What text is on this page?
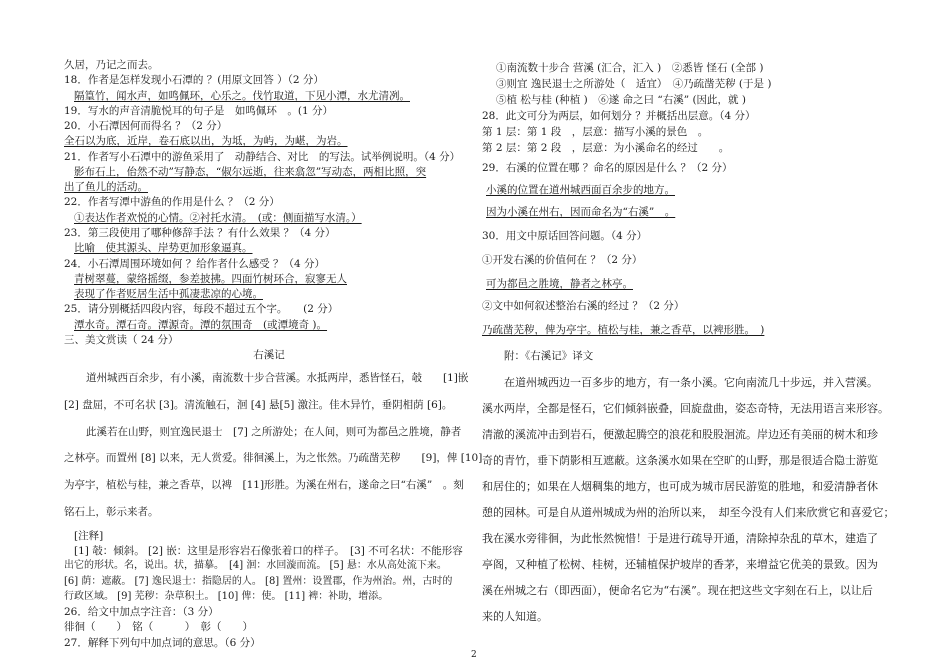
久居，乃记之而去。
18．作者是怎样发现小石潭的 ？(用原文回答 ）（2 分）
隔篁竹，闻水声，如鸣佩环，心乐之。伐竹取道，下见小潭，水尤清冽。
19．写水的声音清脆悦耳的句子是　如鸣佩环　。(1 分）
20．小石潭因何而得名 ？（2 分）
全石以为底，近岸，卷石底以出，为坻，为屿，为嵁，为岩。
21．作者写小石潭中的游鱼采用了　动静结合、对比　的写法。试举例说明。（4 分）
影布石上，佁然不动”写静态，“俶尔远逝，往来翕忽”写动态，两相比照，突
出了鱼儿的活动。
22．作者写潭中游鱼的作用是什么 ？（2 分）
①表达作者欢悦的心情。②衬托水清。　(或：侧面描写水清。）
23．第三段使用了哪种修辞手法 ？有什么效果 ？（4 分）
比喻　使其源头、岸势更加形象逼真。
24．小石潭周围环境如何 ？给作者什么感受 ？（4 分）
青树翠蔓，蒙络摇缀，参差披拂。四面竹树环合，寂寥无人
表现了作者贬居生活中孤凄悲凉的心境。
25．请分别概括四段内容，每段不超过五个字。　　(2 分）
潭水奇。潭石奇。潭源奇。潭的氛围奇　(或潭境奇 )。
三、美文赏读（ 24 分）
右溪记
道州城西百余步，有小溪，南流数十步合营溪。水抵两岸，悉皆怪石，攲　　[1]嵌
[2] 盘屈，不可名状 [3]。清流触石，洄 [4] 悬[5] 激注。佳木异竹，垂阴相荫 [6]。
此溪若在山野，则宜逸民退士　[7] 之所游处；在人间，则可为都邑之胜境，静者
之林亭。而置州 [8] 以来，无人赏爱。徘徊溪上，为之怅然。乃疏凿芜秽　　[9]，俾 [10]
为亭宇，植松与桂，兼之香草，以裨　[11]形胜。为溪在州右，遂命之曰“右溪”　。刻
铭石上，彰示来者。
[注释]
[1] 攲：倾斜。 [2] 嵌：这里是形容岩石像张着口的样子。　[3] 不可名状：不能形容
出它的形状。名，说出。状，描摹。　[4] 洄：水回漩而流。 [5] 悬：水从高处流下来。
[6] 荫：遮蔽。 [7] 逸民退士：指隐居的人。 [8] 置州：设置郡，作为州治。州，古时的
行政区域。 [9] 芜秽：杂草积土。 [10] 俾：使。 [11] 裨：补助，增添。
26．给文中加点字注音：（3 分）
徘徊（　　）　铭（　　　）　彰（　　）
27．解释下列句中加点词的意思。（6 分）
①南流数十步合 营溪 (汇合，汇入 )　②悉皆 怪石 (全部 )
③则宜 逸民退士之所游处（　适宜）　④乃疏凿芜秽 (于是 )
⑤植 松与桂 (种植 )　⑥遂 命之曰 “右溪” (因此，就 )
28．此文可分为两层，如何划分 ？并概括出层意。（4 分）
第 1 层：第 1 段　，层意：描写小溪的景色　。
第 2 层：第 2 段　，层意：为小溪命名的经过　　。
29．右溪的位置在哪 ？命名的原因是什么 ？（2 分）
小溪的位置在道州城西面百余步的地方。
因为小溪在州右，因而命名为“右溪”　。
30．用文中原话回答问题。（4 分）
①开发右溪的价值何在 ？（2 分）
可为都邑之胜境，静者之林亭。
②文中如何叙述整治右溪的经过 ？（2 分）
乃疏凿芜秽，俾为亭宇。植松与桂，兼之香草，以裨形胜。　)
附：《右溪记》译文
在道州城西边一百多步的地方，有一条小溪。它向南流几十步远，并入营溪。
溪水两岸，全都是怪石，它们倾斜嵌叠，回旋盘曲，姿态奇特，无法用语言来形容。
清澈的溪流冲击到岩石，便激起腾空的浪花和股股洄流。岸边还有美丽的树木和珍
奇的青竹，垂下荫影相互遮蔽。这条溪水如果在空旷的山野，那是很适合隐士游览
和居住的；如果在人烟稠集的地方，也可成为城市居民游览的胜地，和爱清静者休
憩的园林。可是自从道州城成为州的治所以来，　却至今没有人们来欣赏它和喜爱它；
我在溪水旁徘徊，为此怅然惋惜！于是进行疏导开通，清除掉杂乱的草木，建造了
亭阁，又种植了松树、桂树，还辅植保护坡岸的香茅，来增益它优美的景致。因为
溪在州城之右（即西面），便命名它为“右溪”。现在把这些文字刻在石上，以让后
来的人知道。
2
